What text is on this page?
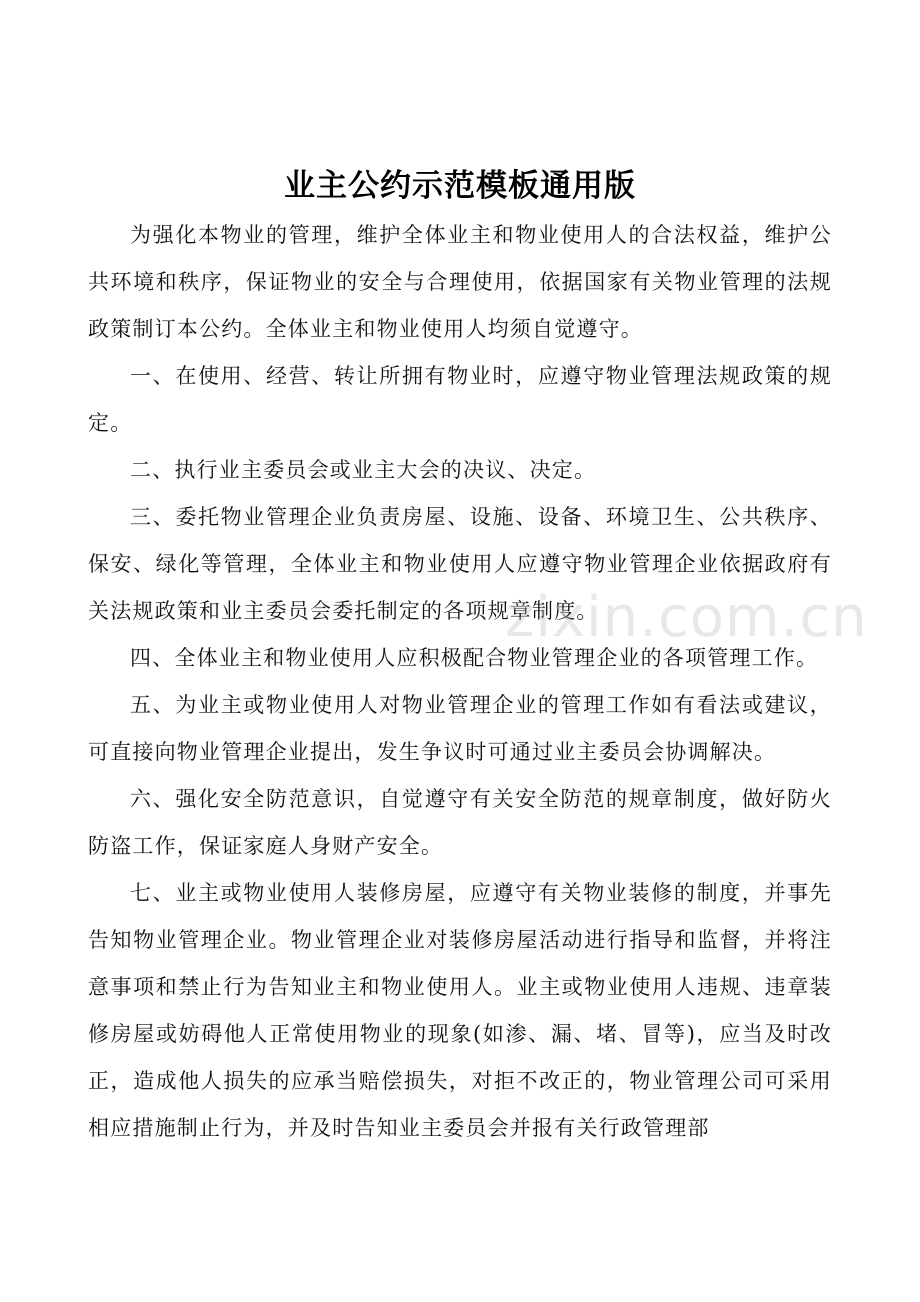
业主公约示范模板通用版

为强化本物业的管理，维护全体业主和物业使用人的合法权益，维护公共环境和秩序，保证物业的安全与合理使用，依据国家有关物业管理的法规政策制订本公约。全体业主和物业使用人均须自觉遵守。

一、在使用、经营、转让所拥有物业时，应遵守物业管理法规政策的规定。

二、执行业主委员会或业主大会的决议、决定。

三、委托物业管理企业负责房屋、设施、设备、环境卫生、公共秩序、保安、绿化等管理，全体业主和物业使用人应遵守物业管理企业依据政府有关法规政策和业主委员会委托制定的各项规章制度。

四、全体业主和物业使用人应积极配合物业管理企业的各项管理工作。

五、为业主或物业使用人对物业管理企业的管理工作如有看法或建议，可直接向物业管理企业提出，发生争议时可通过业主委员会协调解决。

六、强化安全防范意识，自觉遵守有关安全防范的规章制度，做好防火防盗工作，保证家庭人身财产安全。

七、业主或物业使用人装修房屋，应遵守有关物业装修的制度，并事先告知物业管理企业。物业管理企业对装修房屋活动进行指导和监督，并将注意事项和禁止行为告知业主和物业使用人。业主或物业使用人违规、违章装修房屋或妨碍他人正常使用物业的现象(如渗、漏、堵、冒等)，应当及时改正，造成他人损失的应承当赔偿损失，对拒不改正的，物业管理公司可采用相应措施制止行为，并及时告知业主委员会并报有关行政管理部

zixin.com.cn
